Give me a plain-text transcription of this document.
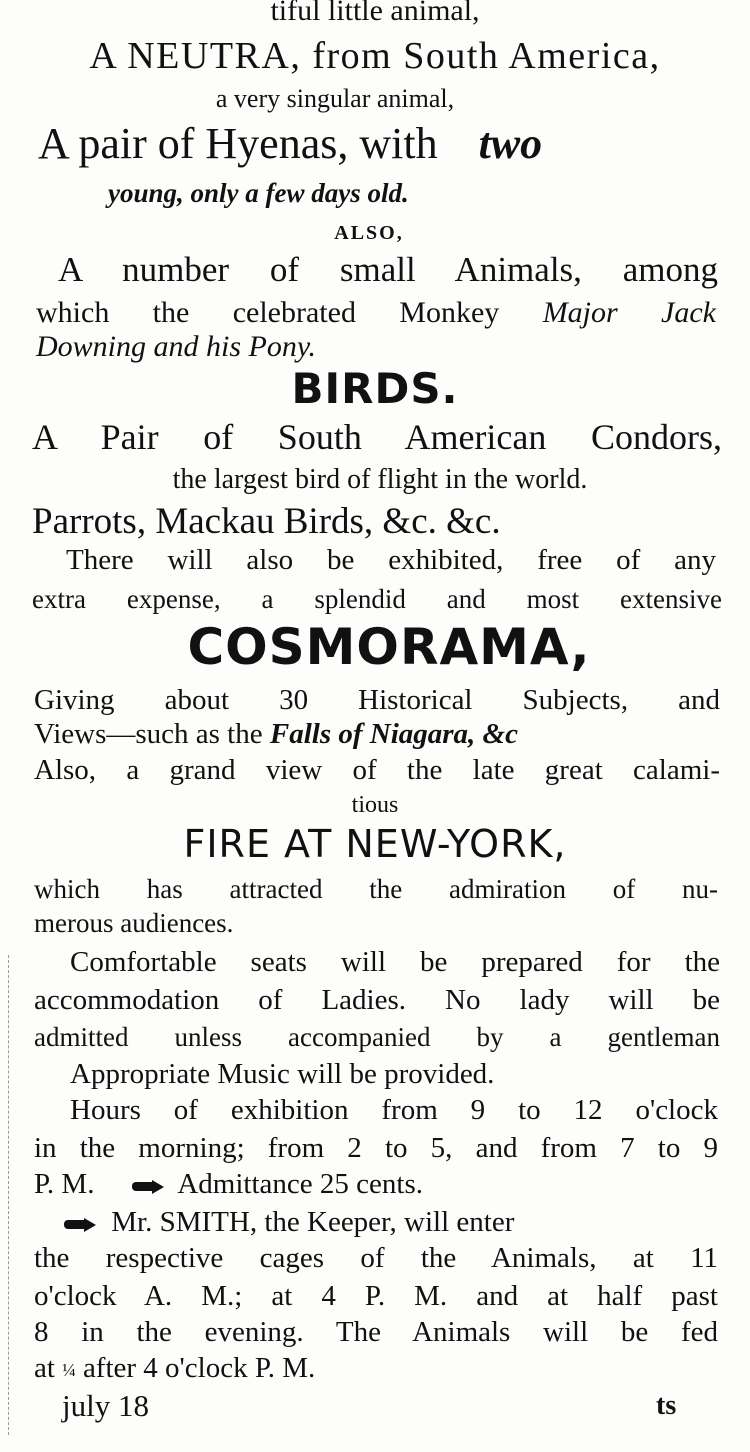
tiful little animal,
A NEUTRA, from South America,
a very singular animal,
A pair of Hyenas, with two
young, only a few days old.
ALSO,
A number of small Animals, among
which the celebrated Monkey Major Jack
Downing and his Pony.
BIRDS.
A Pair of South American Condors,
the largest bird of flight in the world.
Parrots, Mackau Birds, &c. &c.
There will also be exhibited, free of any
extra expense, a splendid and most extensive
COSMORAMA,
Giving about 30 Historical Subjects, and
Views—such as the Falls of Niagara, &c
Also, a grand view of the late great calami-
tious
FIRE AT NEW-YORK,
which has attracted the admiration of nu-
merous audiences.
Comfortable seats will be prepared for the
accommodation of Ladies. No lady will be
admitted unless accompanied by a gentleman
Appropriate Music will be provided.
Hours of exhibition from 9 to 12 o'clock
in the morning; from 2 to 5, and from 7 to 9
P. M.	Admittance 25 cents.
Mr. SMITH, the Keeper, will enter
the respective cages of the Animals, at 11
o'clock A. M.; at 4 P. M. and at half past
8 in the evening. The Animals will be fed
at ¼ after 4 o'clock P. M.
july 18	ts
